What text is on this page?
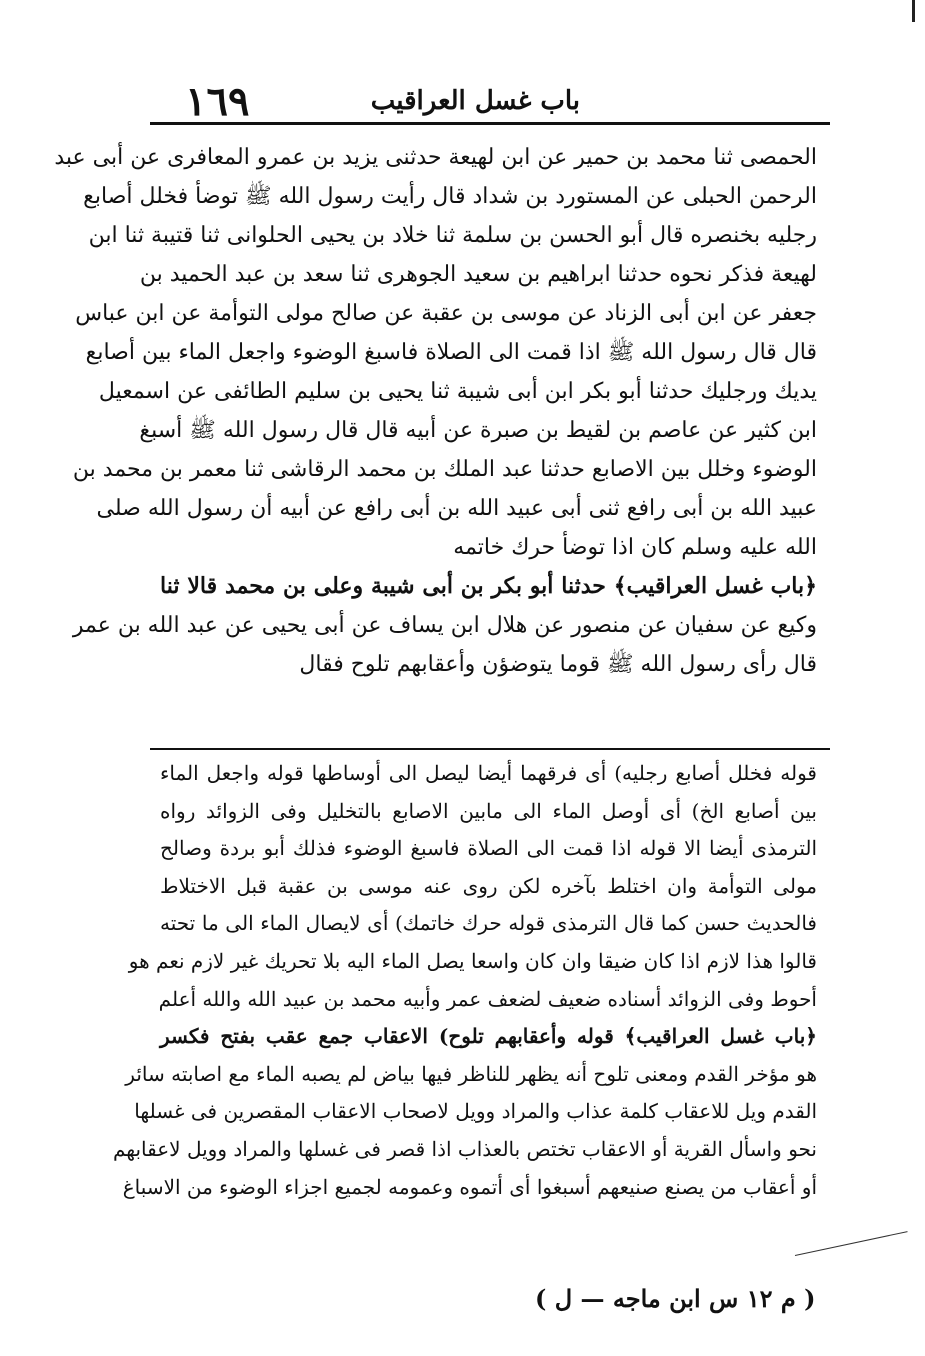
باب غسل العراقيب
١٦٩
الحمصى ثنا محمد بن حمير عن ابن لهيعة حدثنى يزيد بن عمرو المعافرى عن أبى عبد
الرحمن الحبلى عن المستورد بن شداد قال رأيت رسول الله ﷺ توضأ فخلل أصابع
رجليه بخنصره قال أبو الحسن بن سلمة ثنا خلاد بن يحيى الحلوانى ثنا قتيبة ثنا ابن
لهيعة فذكر نحوه حدثنا ابراهيم بن سعيد الجوهرى ثنا سعد بن عبد الحميد بن
جعفر عن ابن أبى الزناد عن موسى بن عقبة عن صالح مولى التوأمة عن ابن عباس
قال قال رسول الله ﷺ اذا قمت الى الصلاة فاسبغ الوضوء واجعل الماء بين أصابع
يديك ورجليك حدثنا أبو بكر ابن أبى شيبة ثنا يحيى بن سليم الطائفى عن اسمعيل
ابن كثير عن عاصم بن لقيط بن صبرة عن أبيه قال قال رسول الله ﷺ أسبغ
الوضوء وخلل بين الاصابع حدثنا عبد الملك بن محمد الرقاشى ثنا معمر بن محمد بن
عبيد الله بن أبى رافع ثنى أبى عبيد الله بن أبى رافع عن أبيه أن رسول الله صلى
الله عليه وسلم كان اذا توضأ حرك خاتمه
﴿باب غسل العراقيب﴾ حدثنا أبو بكر بن أبى شيبة وعلى بن محمد قالا ثنا
وكيع عن سفيان عن منصور عن هلال ابن يساف عن أبى يحيى عن عبد الله بن عمر
قال رأى رسول الله ﷺ قوما يتوضؤن وأعقابهم تلوح فقال
قوله فخلل أصابع رجليه) أى فرقهما أيضا ليصل الى أوساطها قوله واجعل الماء
بين أصابع الخ) أى أوصل الماء الى مابين الاصابع بالتخليل وفى الزوائد رواه
الترمذى أيضا الا قوله اذا قمت الى الصلاة فاسبغ الوضوء فذلك أبو بردة وصالح
مولى التوأمة وان اختلط بآخره لكن روى عنه موسى بن عقبة قبل الاختلاط
فالحديث حسن كما قال الترمذى قوله حرك خاتمك) أى لايصال الماء الى ما تحته
قالوا هذا لازم اذا كان ضيقا وان كان واسعا يصل الماء اليه بلا تحريك غير لازم نعم هو
أحوط وفى الزوائد أسناده ضعيف لضعف عمر وأبيه محمد بن عبيد الله والله أعلم
﴿باب غسل العراقيب﴾ قوله وأعقابهم تلوح) الاعقاب جمع عقب بفتح فكسر
هو مؤخر القدم ومعنى تلوح أنه يظهر للناظر فيها بياض لم يصبه الماء مع اصابته سائر
القدم ويل للاعقاب كلمة عذاب والمراد وويل لاصحاب الاعقاب المقصرين فى غسلها
نحو واسأل القرية أو الاعقاب تختص بالعذاب اذا قصر فى غسلها والمراد وويل لاعقابهم
أو أعقاب من يصنع صنيعهم أسبغوا أى أتموه وعمومه لجميع اجزاء الوضوء من الاسباغ
( م ١٢ س ابن ماجه — ل )
